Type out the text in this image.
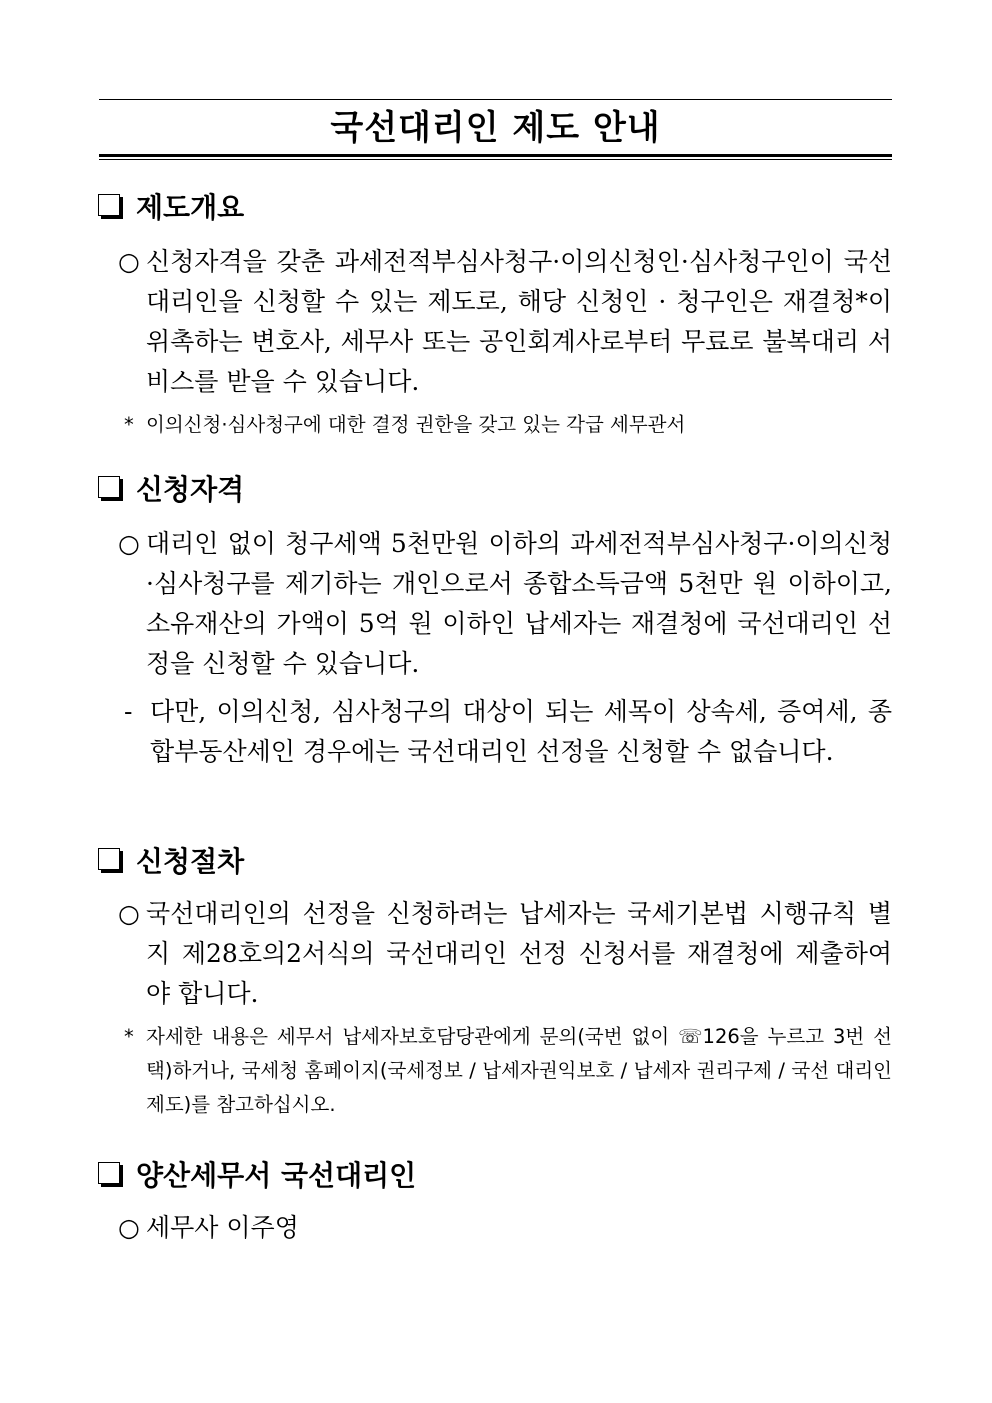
국선대리인 제도 안내
제도개요
○ 신청자격을 갖춘 과세전적부심사청구·이의신청인·심사청구인이 국선대리인을 신청할 수 있는 제도로, 해당 신청인 · 청구인은 재결청*이 위촉하는 변호사, 세무사 또는 공인회계사로부터 무료로 불복대리 서비스를 받을 수 있습니다.
* 이의신청·심사청구에 대한 결정 권한을 갖고 있는 각급 세무관서
신청자격
○ 대리인 없이 청구세액 5천만원 이하의 과세전적부심사청구·이의신청·심사청구를 제기하는 개인으로서 종합소득금액 5천만 원 이하이고, 소유재산의 가액이 5억 원 이하인 납세자는 재결청에 국선대리인 선정을 신청할 수 있습니다.
- 다만, 이의신청, 심사청구의 대상이 되는 세목이 상속세, 증여세, 종합부동산세인 경우에는 국선대리인 선정을 신청할 수 없습니다.
신청절차
○ 국선대리인의 선정을 신청하려는 납세자는 국세기본법 시행규칙 별지 제28호의2서식의 국선대리인 선정 신청서를 재결청에 제출하여야 합니다.
* 자세한 내용은 세무서 납세자보호담당관에게 문의(국번 없이 ☏126을 누르고 3번 선택)하거나, 국세청 홈페이지(국세정보 / 납세자권익보호 / 납세자 권리구제 / 국선 대리인 제도)를 참고하십시오.
양산세무서 국선대리인
○ 세무사 이주영
